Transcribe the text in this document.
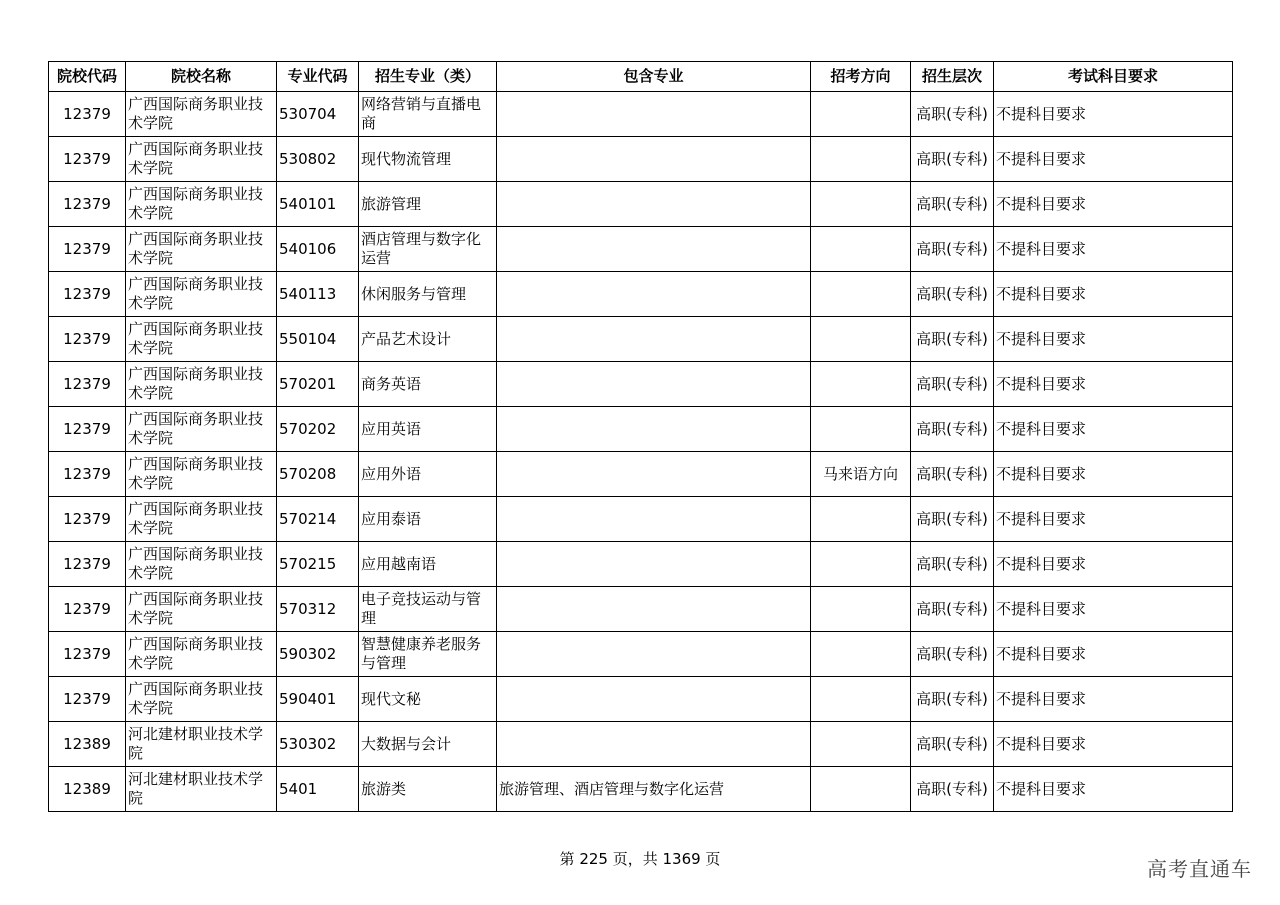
院校代码	院校名称	专业代码	招生专业（类）	包含专业	招考方向	招生层次	考试科目要求
12379	广西国际商务职业技术学院	530704	网络营销与直播电商			高职(专科)	不提科目要求
12379	广西国际商务职业技术学院	530802	现代物流管理			高职(专科)	不提科目要求
12379	广西国际商务职业技术学院	540101	旅游管理			高职(专科)	不提科目要求
12379	广西国际商务职业技术学院	540106	酒店管理与数字化运营			高职(专科)	不提科目要求
12379	广西国际商务职业技术学院	540113	休闲服务与管理			高职(专科)	不提科目要求
12379	广西国际商务职业技术学院	550104	产品艺术设计			高职(专科)	不提科目要求
12379	广西国际商务职业技术学院	570201	商务英语			高职(专科)	不提科目要求
12379	广西国际商务职业技术学院	570202	应用英语			高职(专科)	不提科目要求
12379	广西国际商务职业技术学院	570208	应用外语		马来语方向	高职(专科)	不提科目要求
12379	广西国际商务职业技术学院	570214	应用泰语			高职(专科)	不提科目要求
12379	广西国际商务职业技术学院	570215	应用越南语			高职(专科)	不提科目要求
12379	广西国际商务职业技术学院	570312	电子竞技运动与管理			高职(专科)	不提科目要求
12379	广西国际商务职业技术学院	590302	智慧健康养老服务与管理			高职(专科)	不提科目要求
12379	广西国际商务职业技术学院	590401	现代文秘			高职(专科)	不提科目要求
12389	河北建材职业技术学院	530302	大数据与会计			高职(专科)	不提科目要求
12389	河北建材职业技术学院	5401	旅游类	旅游管理、酒店管理与数字化运营		高职(专科)	不提科目要求
第 225 页，共 1369 页	高考直通车
